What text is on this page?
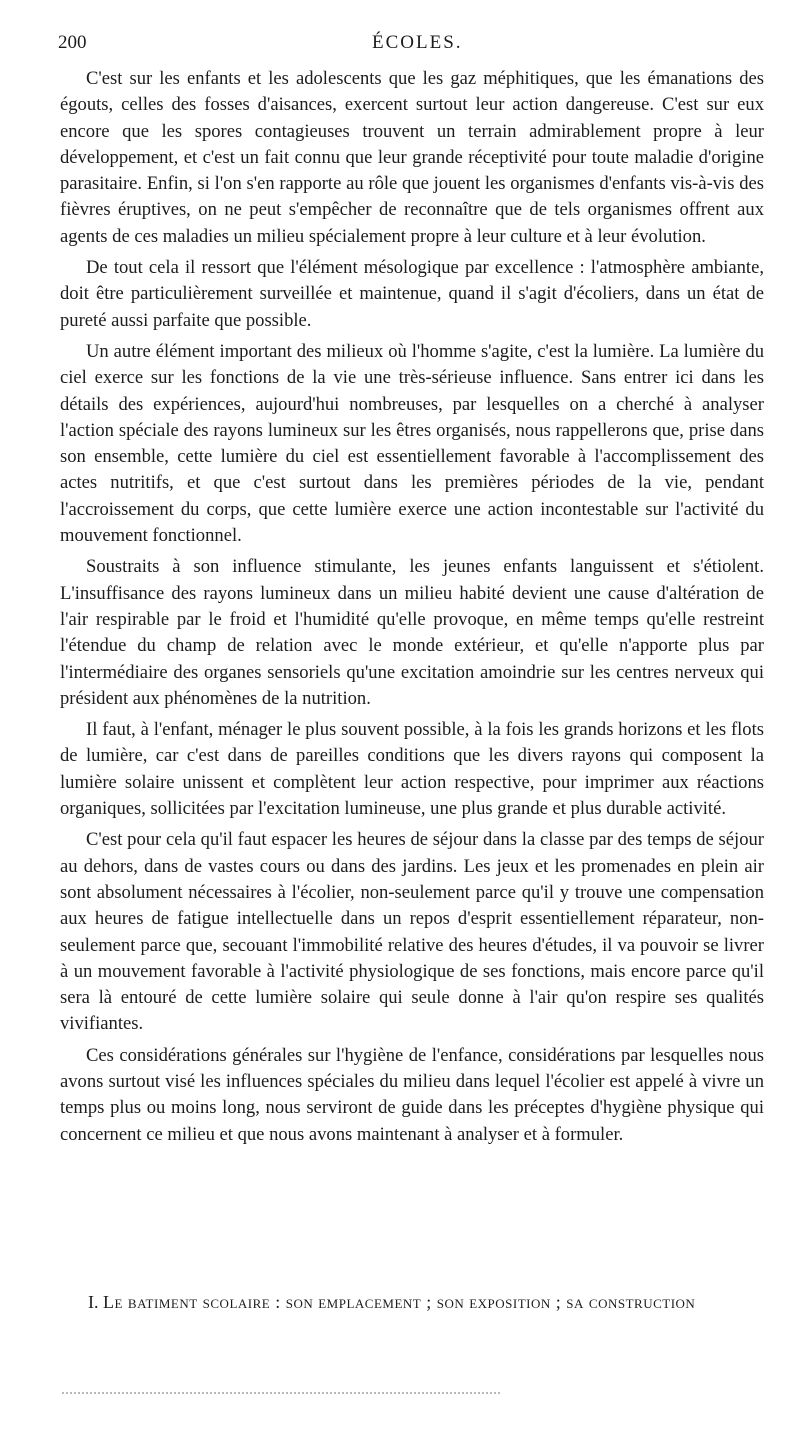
200	ÉCOLES.

C'est sur les enfants et les adolescents que les gaz méphitiques, que les émanations des égouts, celles des fosses d'aisances, exercent surtout leur action dangereuse. C'est sur eux encore que les spores contagieuses trouvent un terrain admirablement propre à leur développement, et c'est un fait connu que leur grande réceptivité pour toute maladie d'origine parasitaire. Enfin, si l'on s'en rapporte au rôle que jouent les organismes d'enfants vis-à-vis des fièvres éruptives, on ne peut s'empêcher de reconnaître que de tels organismes offrent aux agents de ces maladies un milieu spécialement propre à leur culture et à leur évolution.

De tout cela il ressort que l'élément mésologique par excellence : l'atmosphère ambiante, doit être particulièrement surveillée et maintenue, quand il s'agit d'écoliers, dans un état de pureté aussi parfaite que possible.

Un autre élément important des milieux où l'homme s'agite, c'est la lumière. La lumière du ciel exerce sur les fonctions de la vie une très-sérieuse influence. Sans entrer ici dans les détails des expériences, aujourd'hui nombreuses, par lesquelles on a cherché à analyser l'action spéciale des rayons lumineux sur les êtres organisés, nous rappellerons que, prise dans son ensemble, cette lumière du ciel est essentiellement favorable à l'accomplissement des actes nutritifs, et que c'est surtout dans les premières périodes de la vie, pendant l'accroissement du corps, que cette lumière exerce une action incontestable sur l'activité du mouvement fonctionnel.

Soustraits à son influence stimulante, les jeunes enfants languissent et s'étiolent. L'insuffisance des rayons lumineux dans un milieu habité devient une cause d'altération de l'air respirable par le froid et l'humidité qu'elle provoque, en même temps qu'elle restreint l'étendue du champ de relation avec le monde extérieur, et qu'elle n'apporte plus par l'intermédiaire des organes sensoriels qu'une excitation amoindrie sur les centres nerveux qui président aux phénomènes de la nutrition.

Il faut, à l'enfant, ménager le plus souvent possible, à la fois les grands horizons et les flots de lumière, car c'est dans de pareilles conditions que les divers rayons qui composent la lumière solaire unissent et complètent leur action respective, pour imprimer aux réactions organiques, sollicitées par l'excitation lumineuse, une plus grande et plus durable activité.

C'est pour cela qu'il faut espacer les heures de séjour dans la classe par des temps de séjour au dehors, dans de vastes cours ou dans des jardins. Les jeux et les promenades en plein air sont absolument nécessaires à l'écolier, non-seulement parce qu'il y trouve une compensation aux heures de fatigue intellectuelle dans un repos d'esprit essentiellement réparateur, non-seulement parce que, secouant l'immobilité relative des heures d'études, il va pouvoir se livrer à un mouvement favorable à l'activité physiologique de ses fonctions, mais encore parce qu'il sera là entouré de cette lumière solaire qui seule donne à l'air qu'on respire ses qualités vivifiantes.

Ces considérations générales sur l'hygiène de l'enfance, considérations par lesquelles nous avons surtout visé les influences spéciales du milieu dans lequel l'écolier est appelé à vivre un temps plus ou moins long, nous serviront de guide dans les préceptes d'hygiène physique qui concernent ce milieu et que nous avons maintenant à analyser et à formuler.

I. Le batiment scolaire : son emplacement ; son exposition ; sa construction
